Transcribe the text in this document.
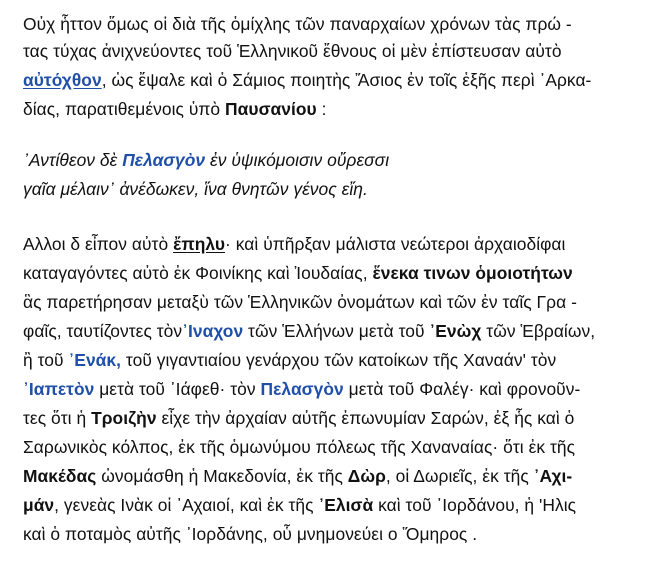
Οὐχ ἧττον ὅμως οἱ διὰ τῆς ὁμίχλης τῶν παναρχαίων χρόνων τὰς πρώ -
τας τύχας ἀνιχνεύοντες τοῦ Ἑλληνικοῦ ἔθνους οἱ μὲν ἐπίστευσαν αὐτὸ
αὐτόχθον, ὡς ἔψαλε καὶ ὁ Σάμιος ποιητὴς Ἄσιος ἐν τοῖς ἑξῆς περὶ ᾿Αρκα-
δίας, παρατιθεμένοις ὑπὸ Παυσανίου :
᾿Αντίθεον δὲ Πελασγὸν ἐν ὑψικόμοισιν οὔρεσσι
γαῖα μέλαιν᾿ ἀνέδωκεν, ἵνα θνητῶν γένος εἴη.
Αλλοι δ εἶπον αὐτὸ ἔπηλυ· καὶ ὑπῆρξαν μάλιστα νεώτεροι ἀρχαιοδίφαι
καταγαγόντες αὐτὸ ἐκ Φοινίκης καὶ Ἰουδαίας, ἕνεκα τινων ὁμοιοτήτων
ἃς παρετήρησαν μεταξὺ τῶν Ἑλληνικῶν ὀνομάτων καὶ τῶν ἐν ταῖς Γρα -
φαῖς, ταυτίζοντες τὸν᾿Ιναχον τῶν Ἑλλήνων μετὰ τοῦ ᾿Ενὼχ τῶν Ἑβραίων,
ἢ τοῦ ᾿Ενάκ, τοῦ γιγαντιαίου γενάρχου τῶν κατοίκων τῆς Χαναάν' τὸν
᾿Ιαπετὸν μετὰ τοῦ ᾿Ιάφεθ· τὸν Πελασγὸν μετὰ τοῦ Φαλέγ· καὶ φρονοῦν-
τες ὅτι ἡ Τροιζὴν εἶχε τὴν ἀρχαίαν αὐτῆς ἐπωνυμίαν Σαρών, ἐξ ἧς καὶ ὁ
Σαρωνικὸς κόλπος, ἐκ τῆς ὁμωνύμου πόλεως τῆς Χαναναίας· ὅτι ἐκ τῆς
Μακέδας ὠνομάσθη ἡ Μακεδονία, ἐκ τῆς Δὼρ, οἱ Δωριεῖς, ἐκ τῆς ᾿Αχι-
μάν, γενεὰς Ινὰκ οἱ ᾿Αχαιοί, καὶ ἐκ τῆς ᾿Ελισὰ καὶ τοῦ ᾿Ιορδάνου, ἡ 'Ηλις
καὶ ὁ ποταμὸς αὐτῆς ᾿Ιορδάνης, οὗ μνημονεύει ο Ὅμηρος .
